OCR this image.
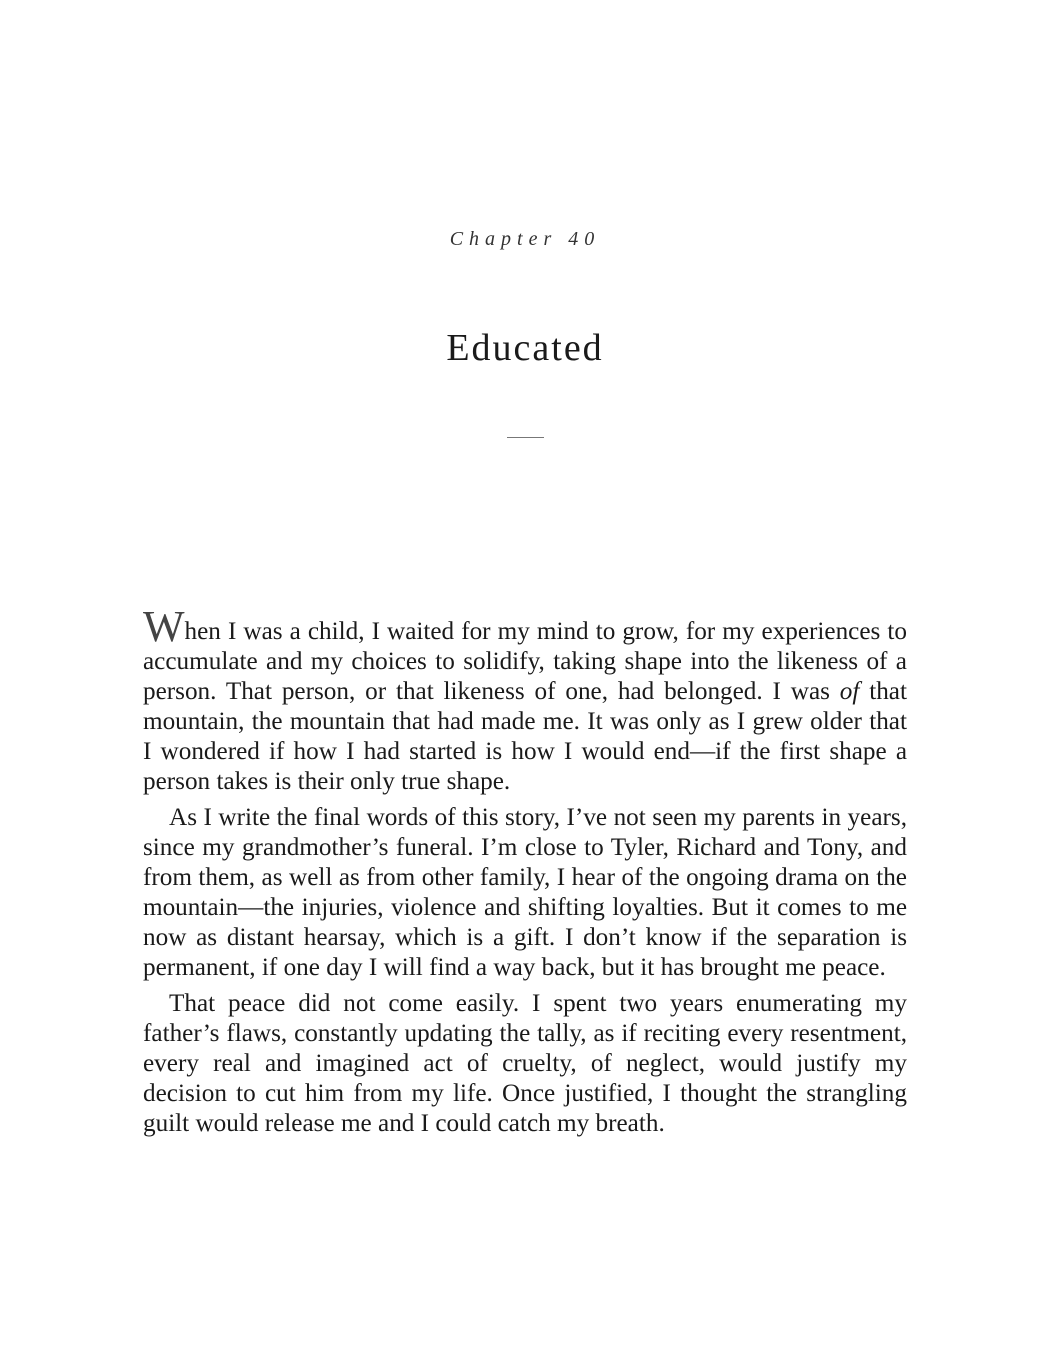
Chapter 40
Educated

When I was a child, I waited for my mind to grow, for my experiences to accumulate and my choices to solidify, taking shape into the likeness of a person. That person, or that likeness of one, had belonged. I was of that mountain, the mountain that had made me. It was only as I grew older that I wondered if how I had started is how I would end—if the first shape a person takes is their only true shape.

As I write the final words of this story, I’ve not seen my parents in years, since my grandmother’s funeral. I’m close to Tyler, Richard and Tony, and from them, as well as from other family, I hear of the ongoing drama on the mountain—the injuries, violence and shifting loyalties. But it comes to me now as distant hearsay, which is a gift. I don’t know if the separation is permanent, if one day I will find a way back, but it has brought me peace.

That peace did not come easily. I spent two years enumerating my father’s flaws, constantly updating the tally, as if reciting every resentment, every real and imagined act of cruelty, of neglect, would justify my decision to cut him from my life. Once justified, I thought the strangling guilt would release me and I could catch my breath.
